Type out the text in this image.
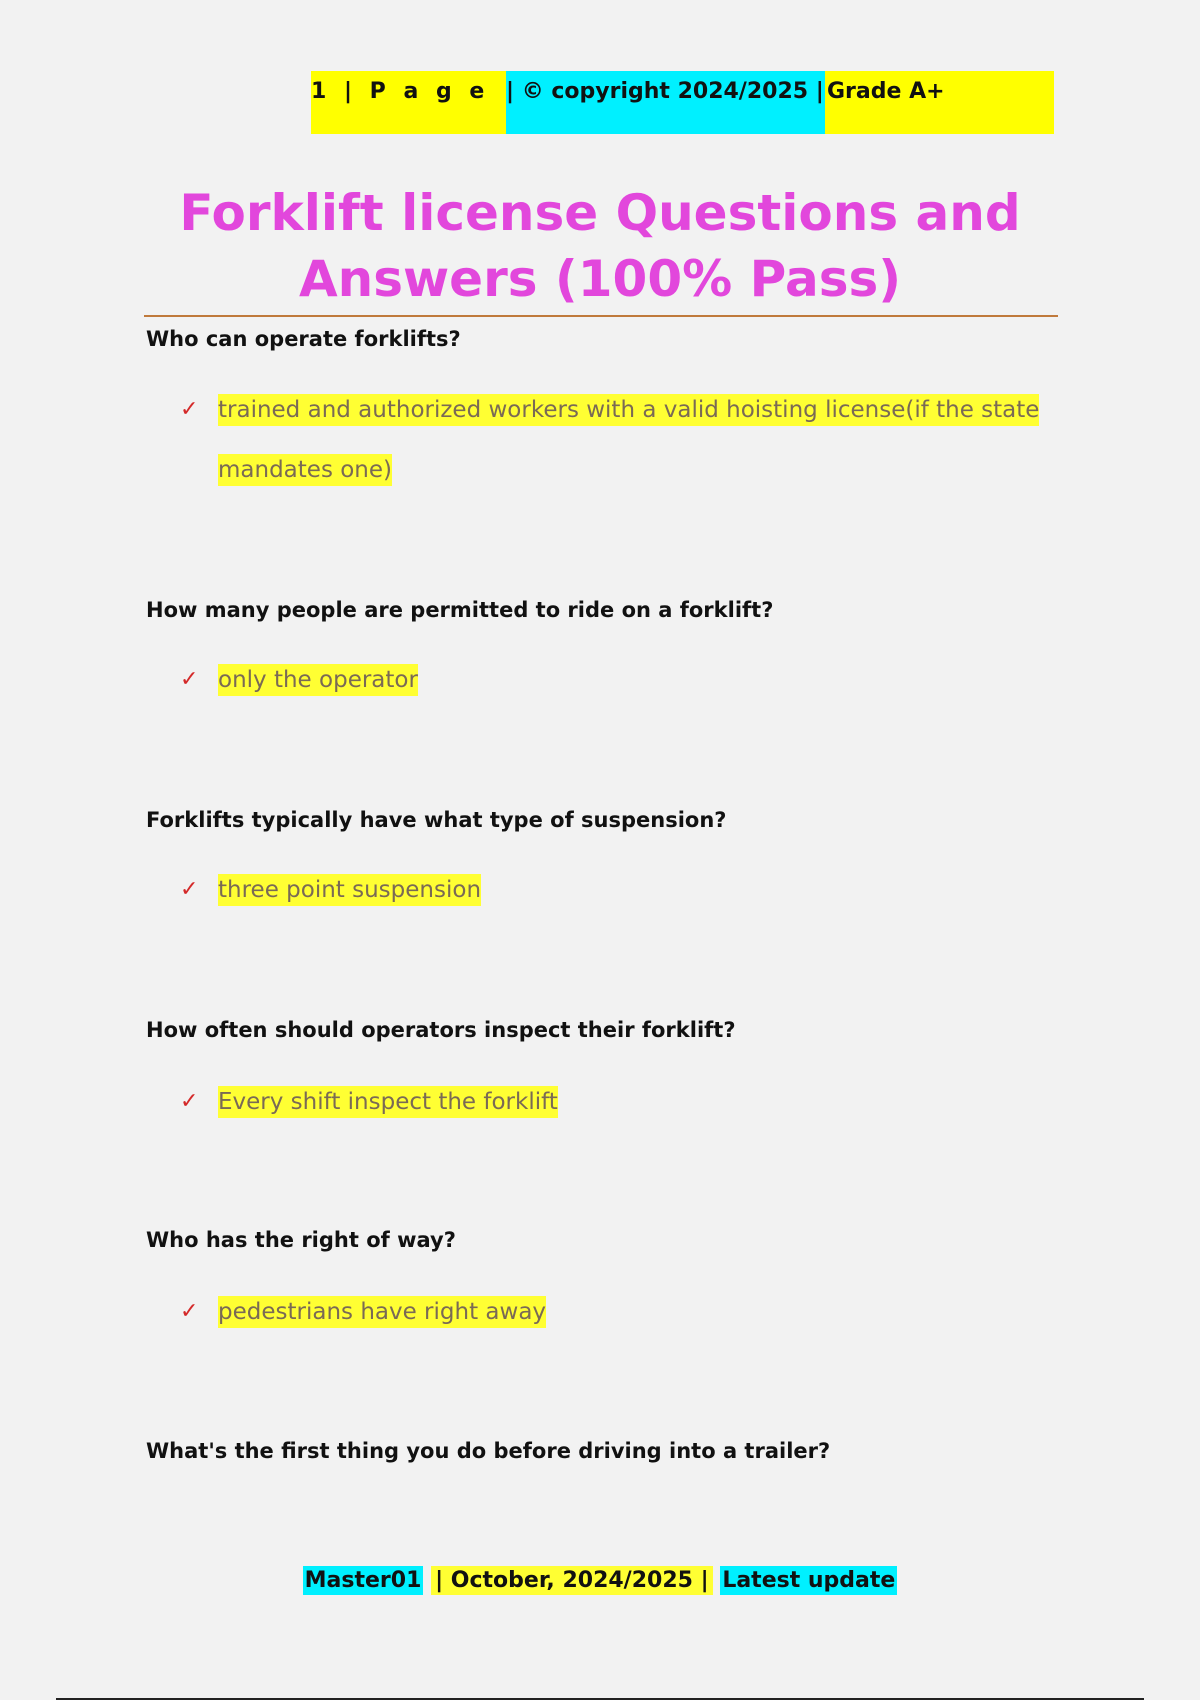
1 | P a g e | © copyright 2024/2025 | Grade A+
Forklift license Questions and Answers (100% Pass)

Who can operate forklifts?

✓ trained and authorized workers with a valid hoisting license(if the state mandates one)

How many people are permitted to ride on a forklift?

✓ only the operator

Forklifts typically have what type of suspension?

✓ three point suspension

How often should operators inspect their forklift?

✓ Every shift inspect the forklift

Who has the right of way?

✓ pedestrians have right away

What's the first thing you do before driving into a trailer?

Master01 | October, 2024/2025 | Latest update
